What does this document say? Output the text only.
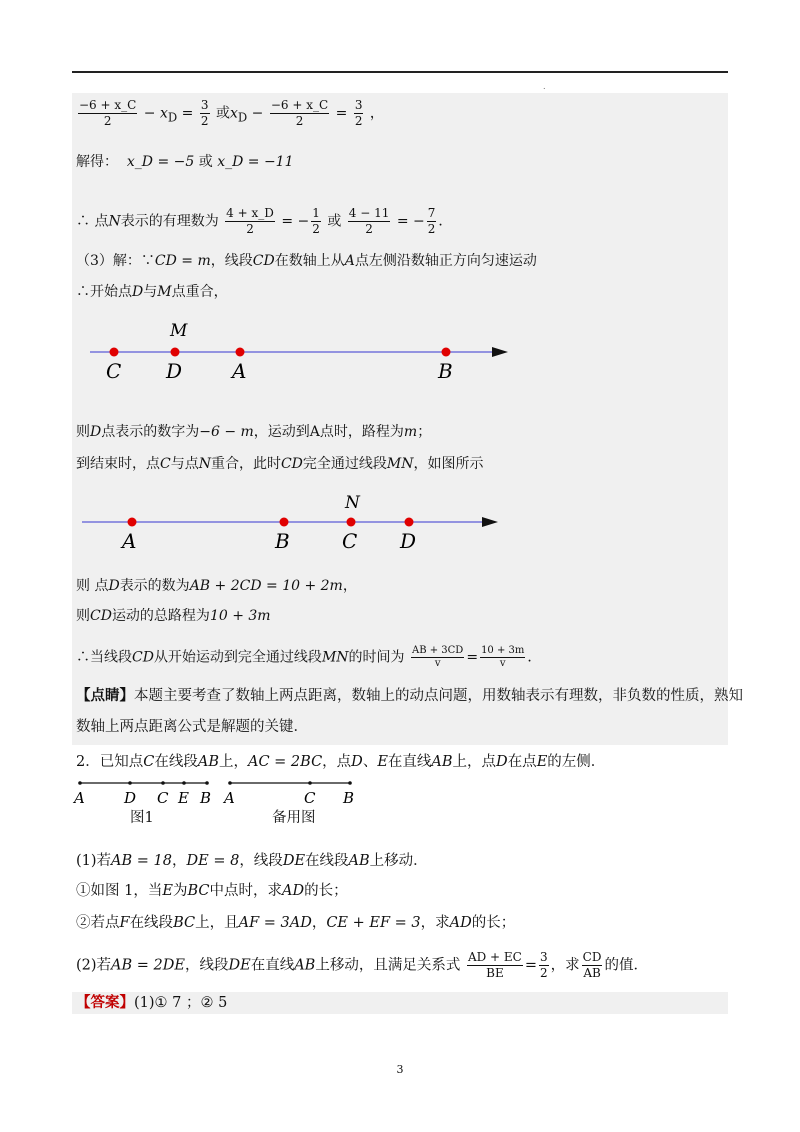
.
$\frac{-6 + x\_C}{2} - x_D = \frac{3}{2}$ 或$x_D - \frac{-6 + x\_C}{2} = \frac{3}{2}$ ，
解得： x_D = −5 或 x_D = −11
∴ 点N表示的有理数为 $\frac{4 + x\_D}{2}$ = − $\frac{1}{2}$ 或 $\frac{4 - 11}{2}$ = − $\frac{7}{2}$ ．
（3）解：∵CD = m，线段CD在数轴上从A点左侧沿数轴正方向匀速运动
∴开始点D与M点重合，
M
C D A	B
则D点表示的数字为−6 − m，运动到A点时，路程为m；
到结束时，点C与点N重合，此时CD完全通过线段MN，如图所示
N
A	B	C D
则 点D表示的数为AB + 2CD = 10 + 2m，
则CD运动的总路程为10 + 3m
∴当线段CD从开始运动到完全通过线段MN的时间为 $\frac{AB + 3CD}{v} = \frac{10 + 3m}{v}$ ．
【点睛】本题主要考查了数轴上两点距离，数轴上的动点问题，用数轴表示有理数，非负数的性质，熟知
数轴上两点距离公式是解题的关键．
2．已知点C在线段AB上，AC = 2BC，点D、E在直线AB上，点D在点E的左侧．
A	D C E B A	C B
图1	备用图
(1)若AB = 18，DE = 8，线段DE在线段AB上移动．
①如图 1，当E为BC中点时，求AD的长；
②若点F在线段BC上，且AF = 3AD，CE + EF = 3，求AD的长；
(2)若AB = 2DE，线段DE在直线AB上移动，且满足关系式 $\frac{AD + EC}{BE} = \frac{3}{2}$ ，求 $\frac{CD}{AB}$ 的值．
【答案】(1)① 7 ；② 5
3
